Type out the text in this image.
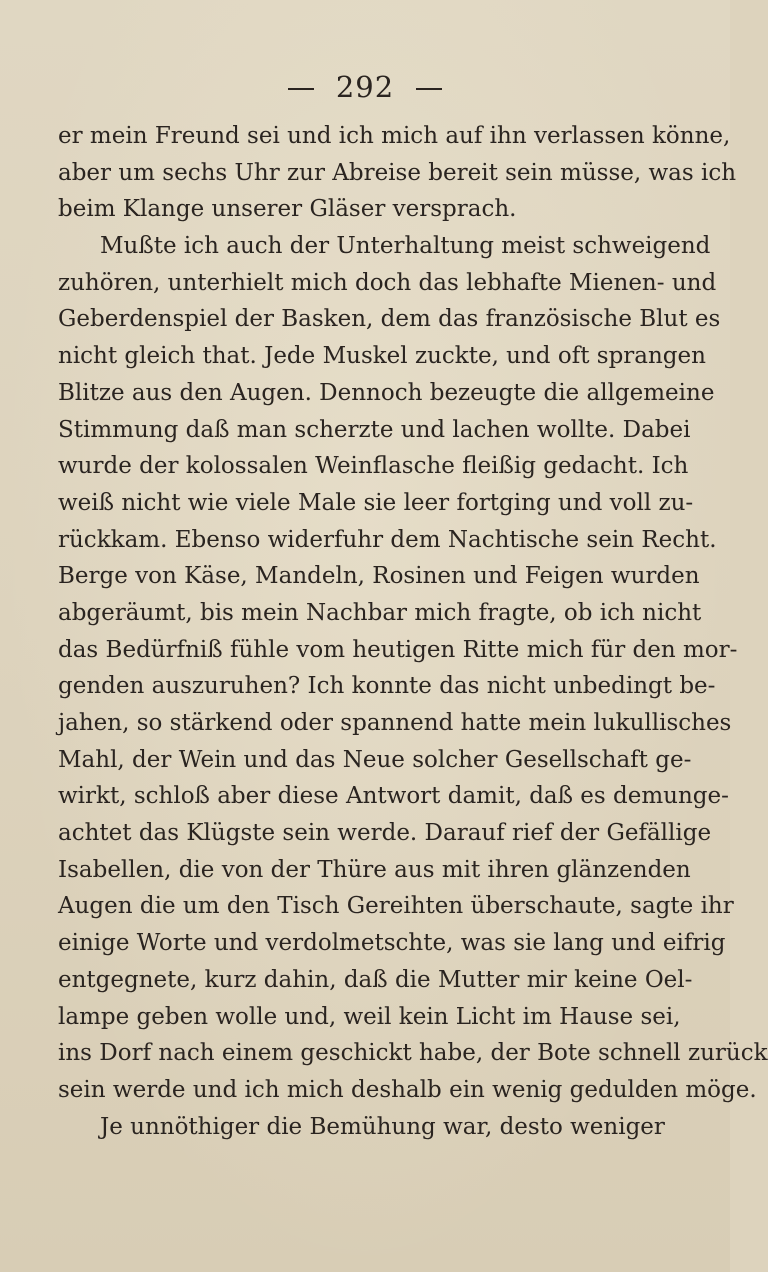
292
er mein Freund sei und ich mich auf ihn verlassen könne,
aber um sechs Uhr zur Abreise bereit sein müsse, was ich
beim Klange unserer Gläser versprach.
Mußte ich auch der Unterhaltung meist schweigend
zuhören, unterhielt mich doch das lebhafte Mienen- und
Geberdenspiel der Basken, dem das französische Blut es
nicht gleich that. Jede Muskel zuckte, und oft sprangen
Blitze aus den Augen. Dennoch bezeugte die allgemeine
Stimmung daß man scherzte und lachen wollte. Dabei
wurde der kolossalen Weinflasche fleißig gedacht. Ich
weiß nicht wie viele Male sie leer fortging und voll zu-
rückkam. Ebenso widerfuhr dem Nachtische sein Recht.
Berge von Käse, Mandeln, Rosinen und Feigen wurden
abgeräumt, bis mein Nachbar mich fragte, ob ich nicht
das Bedürfniß fühle vom heutigen Ritte mich für den mor-
genden auszuruhen? Ich konnte das nicht unbedingt be-
jahen, so stärkend oder spannend hatte mein lukullisches
Mahl, der Wein und das Neue solcher Gesellschaft ge-
wirkt, schloß aber diese Antwort damit, daß es demunge-
achtet das Klügste sein werde. Darauf rief der Gefällige
Isabellen, die von der Thüre aus mit ihren glänzenden
Augen die um den Tisch Gereihten überschaute, sagte ihr
einige Worte und verdolmetschte, was sie lang und eifrig
entgegnete, kurz dahin, daß die Mutter mir keine Oel-
lampe geben wolle und, weil kein Licht im Hause sei,
ins Dorf nach einem geschickt habe, der Bote schnell zurück
sein werde und ich mich deshalb ein wenig gedulden möge.
Je unnöthiger die Bemühung war, desto weniger
